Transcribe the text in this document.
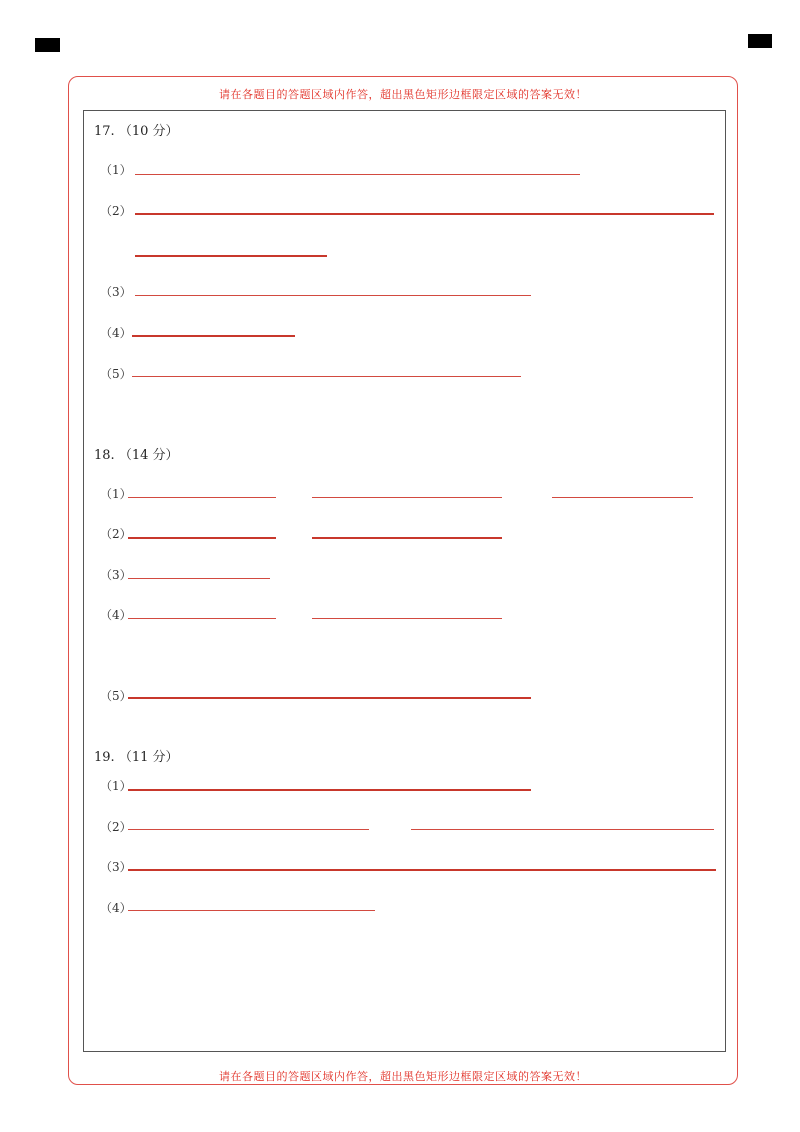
请在各题目的答题区域内作答，超出黑色矩形边框限定区域的答案无效！
请在各题目的答题区域内作答，超出黑色矩形边框限定区域的答案无效！
17. （10 分）
（1）
（2）
（3）
（4）
（5）
18. （14 分）
（1）
（2）
（3）
（4）
（5）
19. （11 分）
（1）
（2）
（3）
（4）
